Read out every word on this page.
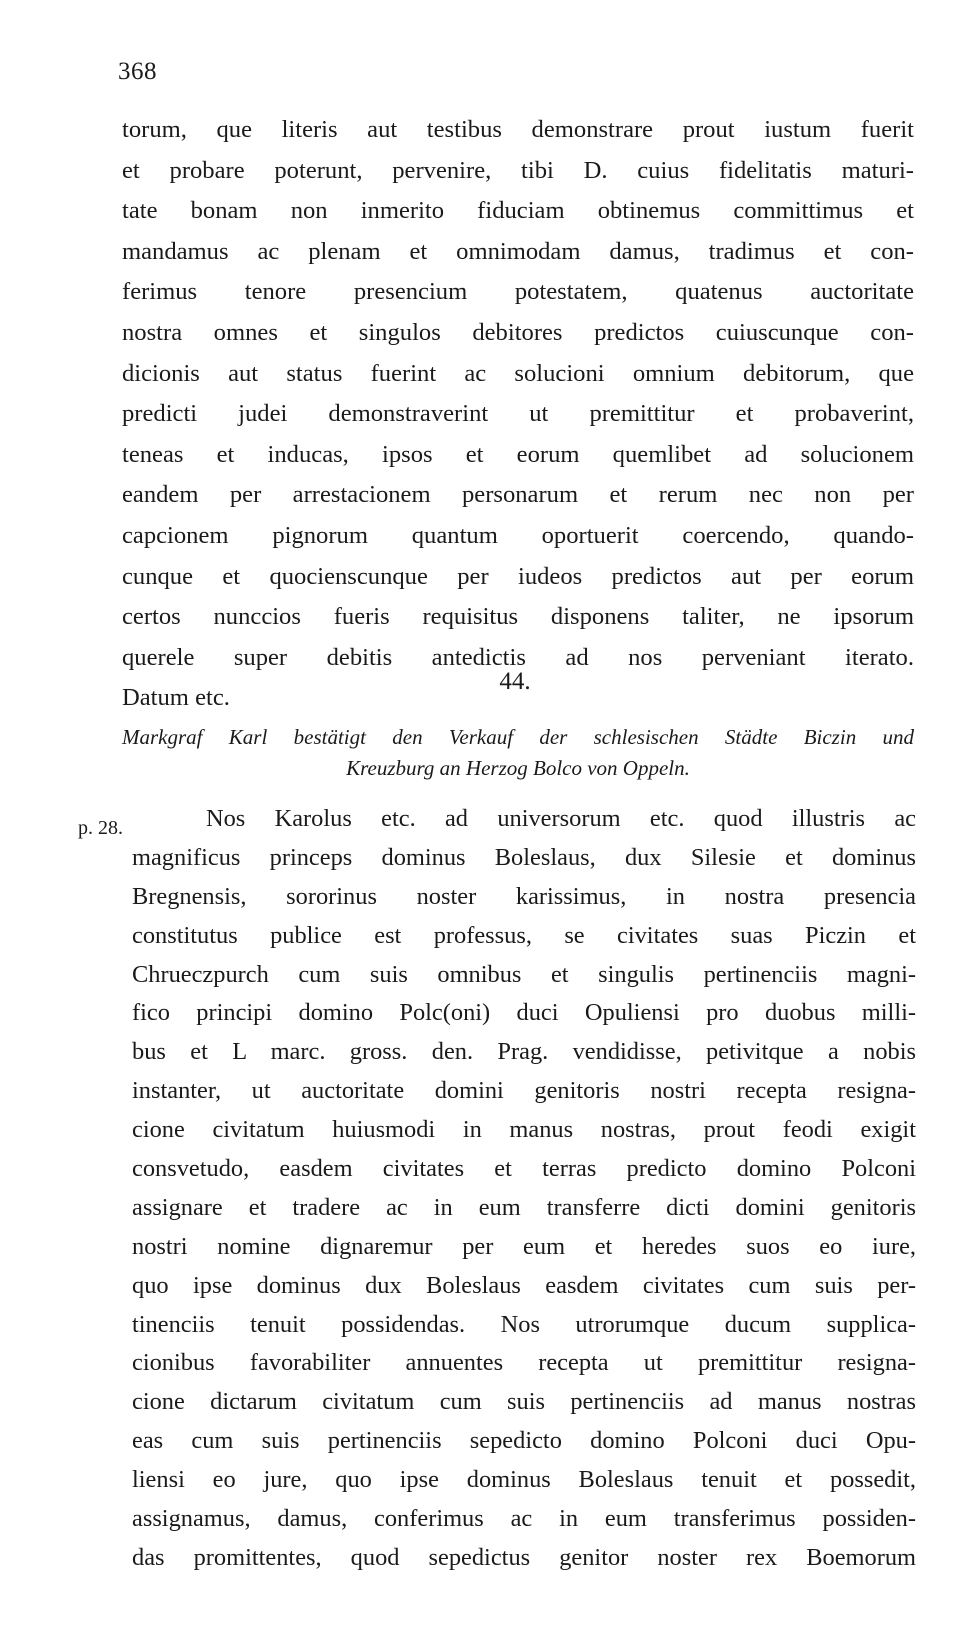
368
torum, que literis aut testibus demonstrare prout iustum fuerit
et probare poterunt, pervenire, tibi D. cuius fidelitatis maturi-
tate bonam non inmerito fiduciam obtinemus committimus et
mandamus ac plenam et omnimodam damus, tradimus et con-
ferimus tenore presencium potestatem, quatenus auctoritate
nostra omnes et singulos debitores predictos cuiuscunque con-
dicionis aut status fuerint ac solucioni omnium debitorum, que
predicti judei demonstraverint ut premittitur et probaverint,
teneas et inducas, ipsos et eorum quemlibet ad solucionem
eandem per arrestacionem personarum et rerum nec non per
capcionem pignorum quantum oportuerit coercendo, quando-
cunque et quocienscunque per iudeos predictos aut per eorum
certos nunccios fueris requisitus disponens taliter, ne ipsorum
querele super debitis antedictis ad nos perveniant iterato.
Datum etc.
44.
Markgraf Karl bestätigt den Verkauf der schlesischen Städte Biczin und
Kreuzburg an Herzog Bolco von Oppeln.
p. 28.	Nos Karolus etc. ad universorum etc. quod illustris ac
magnificus princeps dominus Boleslaus, dux Silesie et dominus
Bregnensis, sororinus noster karissimus, in nostra presencia
constitutus publice est professus, se civitates suas Piczin et
Chrueczpurch cum suis omnibus et singulis pertinenciis magni-
fico principi domino Polc(oni) duci Opuliensi pro duobus milli-
bus et L marc. gross. den. Prag. vendidisse, petivitque a nobis
instanter, ut auctoritate domini genitoris nostri recepta resigna-
cione civitatum huiusmodi in manus nostras, prout feodi exigit
consvetudo, easdem civitates et terras predicto domino Polconi
assignare et tradere ac in eum transferre dicti domini genitoris
nostri nomine dignaremur per eum et heredes suos eo iure,
quo ipse dominus dux Boleslaus easdem civitates cum suis per-
tinenciis tenuit possidendas. Nos utrorumque ducum supplica-
cionibus favorabiliter annuentes recepta ut premittitur resigna-
cione dictarum civitatum cum suis pertinenciis ad manus nostras
eas cum suis pertinenciis sepedicto domino Polconi duci Opu-
liensi eo jure, quo ipse dominus Boleslaus tenuit et possedit,
assignamus, damus, conferimus ac in eum transferimus possiden-
das promittentes, quod sepedictus genitor noster rex Boemorum
